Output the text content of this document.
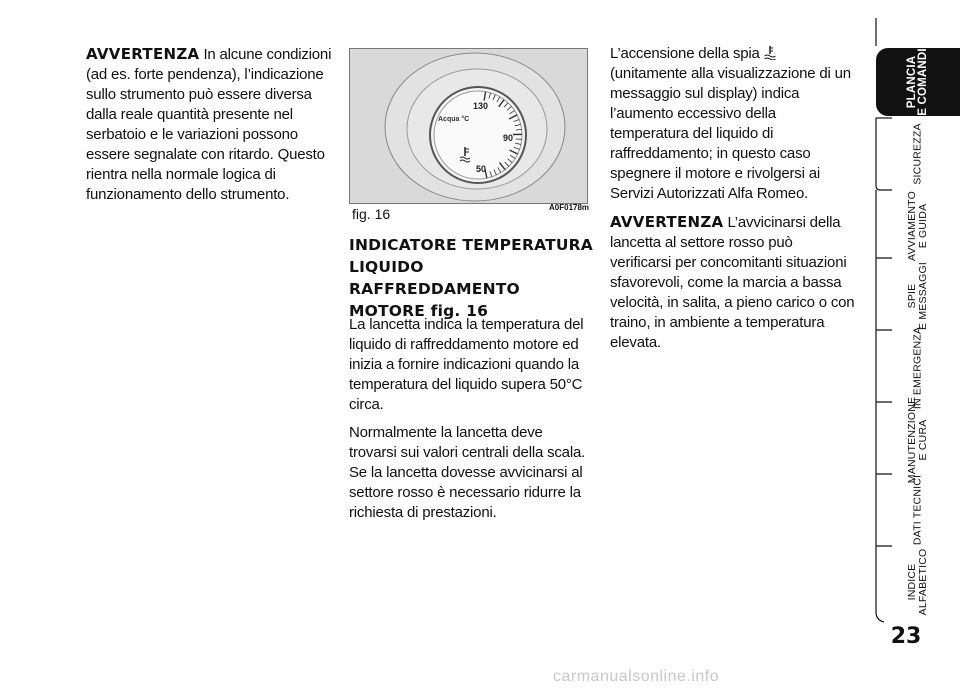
AVVERTENZA In alcune condizioni (ad es. forte pendenza), l’indicazione sullo strumento può essere diversa dalla reale quantità presente nel serbatoio e le variazioni possono essere segnalate con ritardo. Questo rientra nella normale logica di funzionamento dello strumento.

Acqua °C
130
90
50
fig. 16	A0F0178m
INDICATORE TEMPERATURA LIQUIDO RAFFREDDAMENTO MOTORE fig. 16

La lancetta indica la temperatura del liquido di raffreddamento motore ed inizia a fornire indicazioni quando la temperatura del liquido supera 50°C circa.

Normalmente la lancetta deve trovarsi sui valori centrali della scala. Se la lancetta dovesse avvicinarsi al settore rosso è necessario ridurre la richiesta di prestazioni.

L’accensione della spia  (unitamente alla visualizzazione di un messaggio sul display) indica l’aumento eccessivo della temperatura del liquido di raffreddamento; in questo caso spegnere il motore e rivolgersi ai Servizi Autorizzati Alfa Romeo.

AVVERTENZA L’avvicinarsi della lancetta al settore rosso può verificarsi per concomitanti situazioni sfavorevoli, come la marcia a bassa velocità, in salita, a pieno carico o con traino, in ambiente a temperatura elevata.

PLANCIA
E COMANDI
SICUREZZA
AVVIAMENTO
E GUIDA
SPIE
E MESSAGGI
IN EMERGENZA
MANUTENZIONE
E CURA
DATI TECNICI
INDICE
ALFABETICO
23
carmanualsonline.info
